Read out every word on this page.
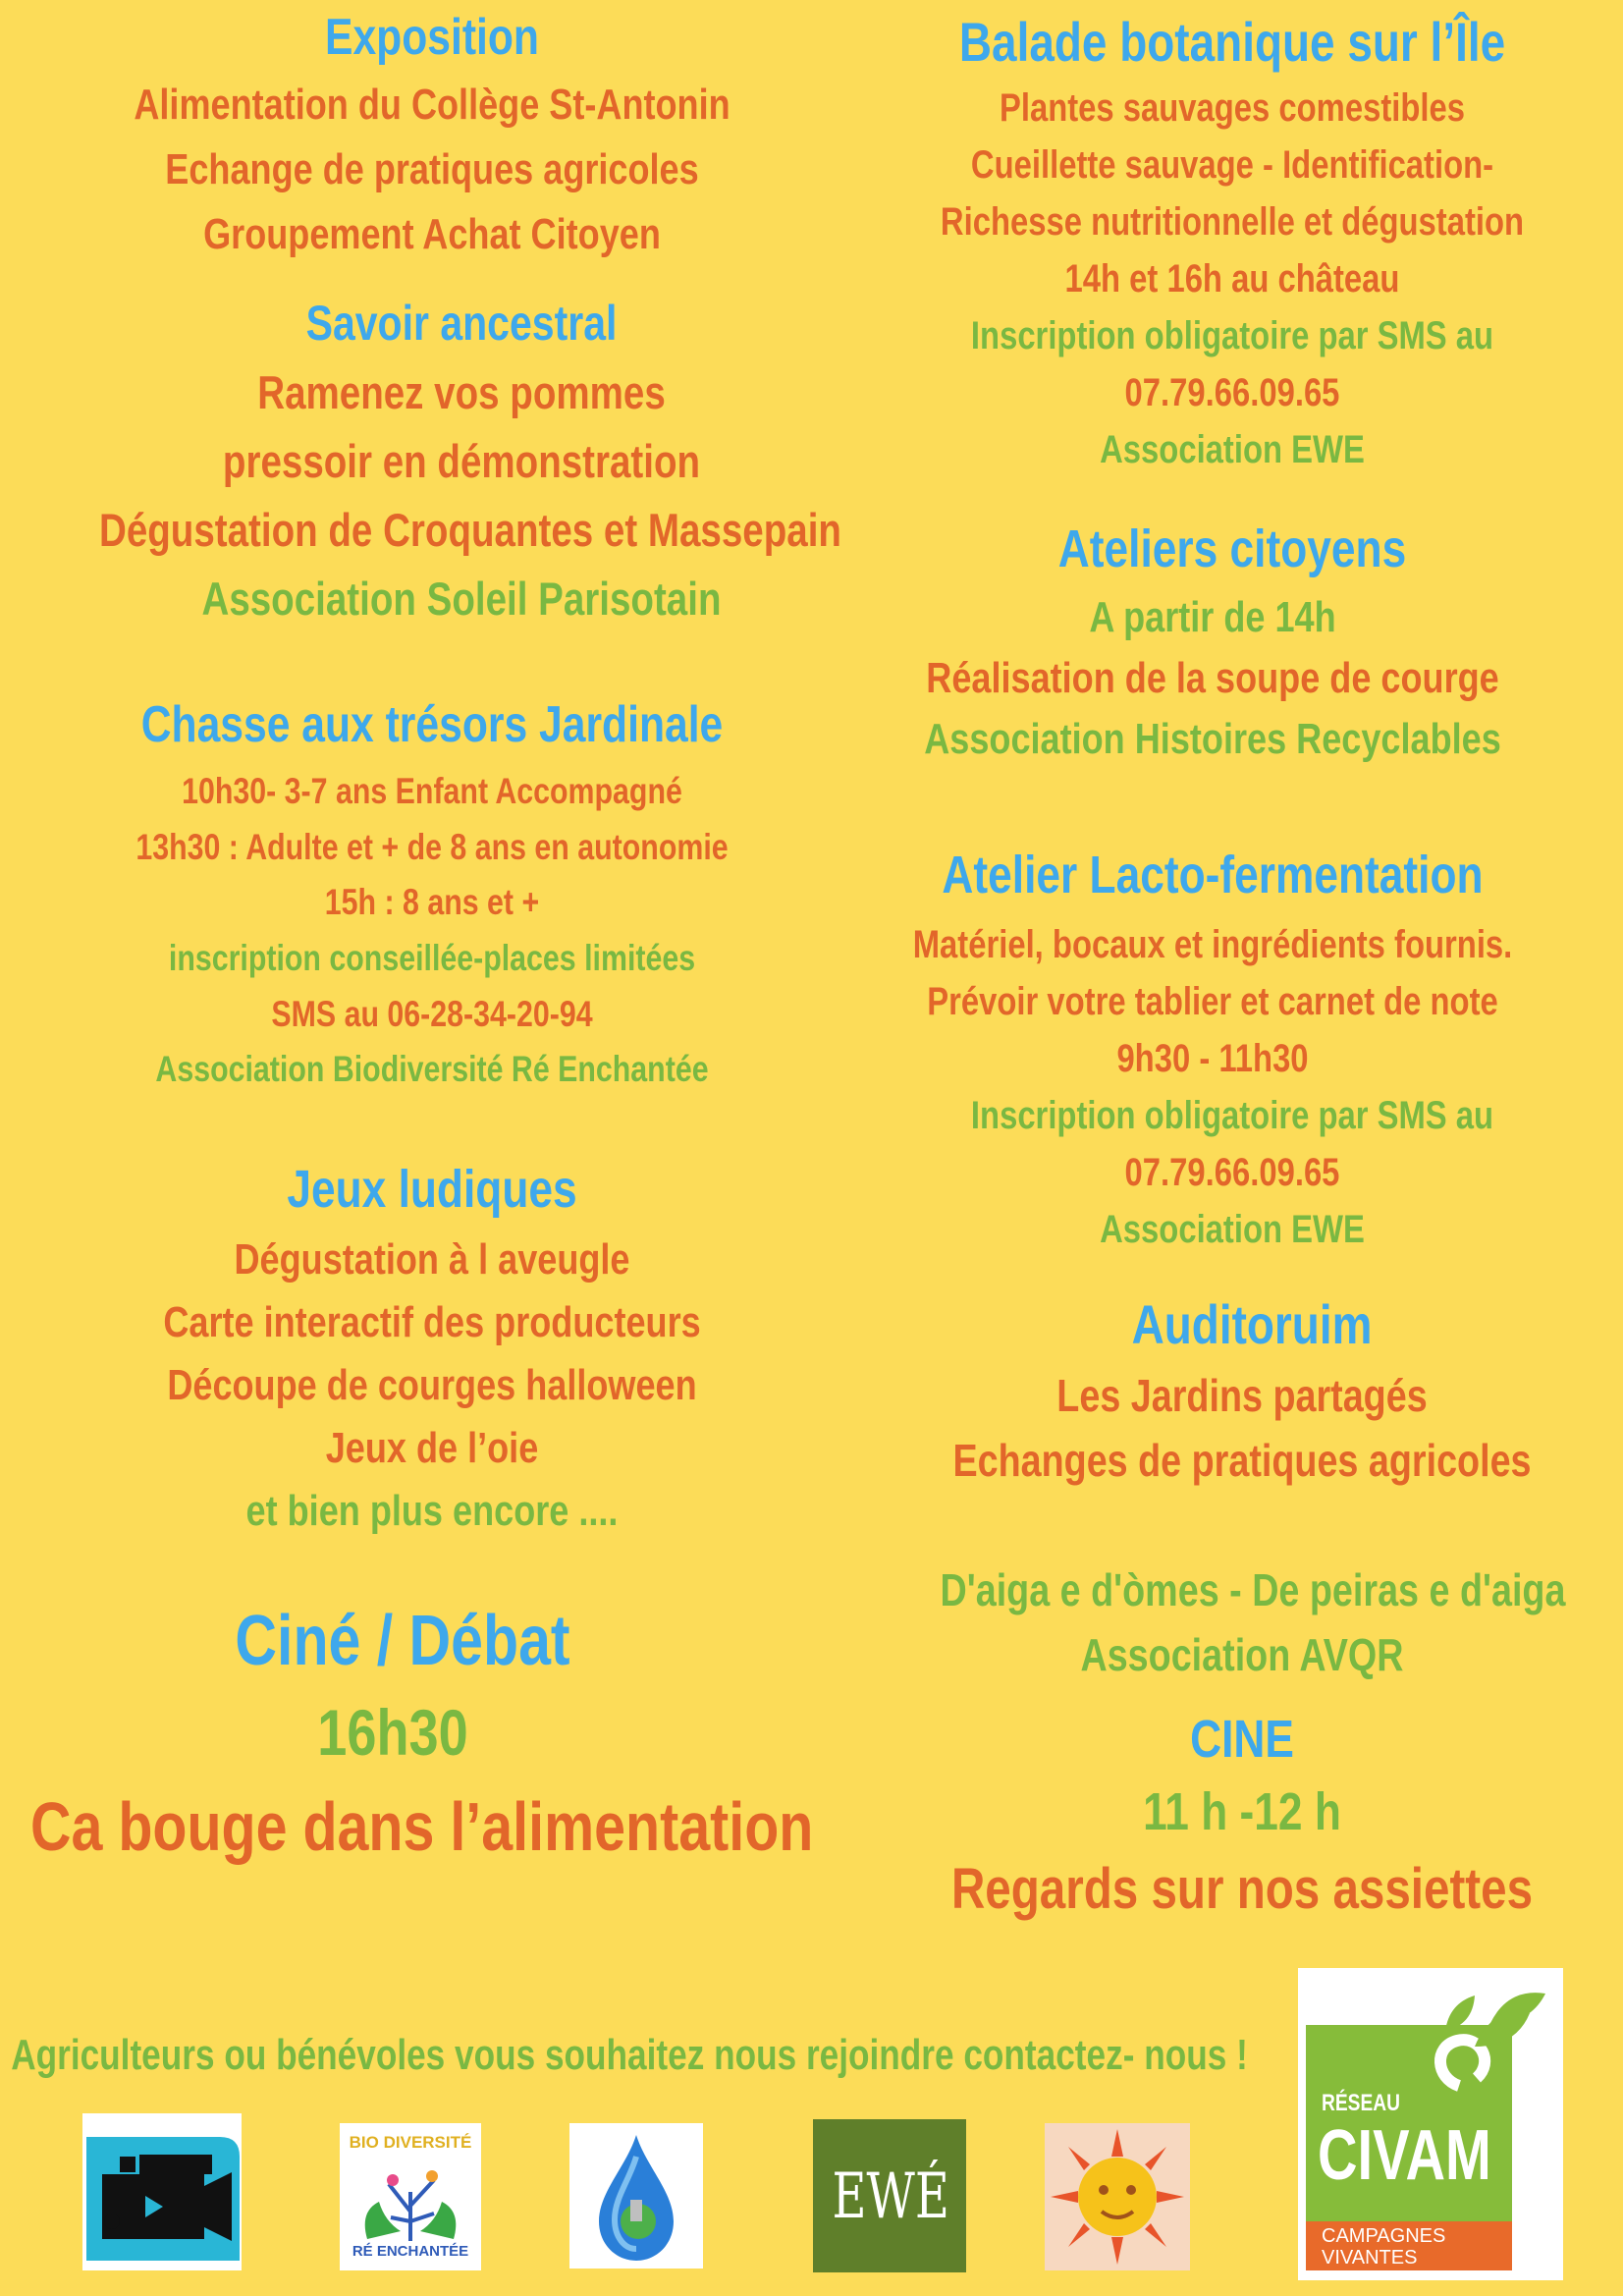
Exposition
Alimentation du Collège St-Antonin
Echange de pratiques agricoles
Groupement Achat Citoyen
Savoir ancestral
Ramenez vos pommes
pressoir en démonstration
Dégustation de Croquantes et Massepain
Association Soleil Parisotain
Chasse aux trésors Jardinale
10h30- 3-7 ans Enfant Accompagné
13h30 : Adulte et + de 8 ans en autonomie
15h : 8 ans et +
inscription conseillée-places limitées
SMS au 06-28-34-20-94
Association Biodiversité Ré Enchantée
Jeux ludiques
Dégustation à l aveugle
Carte interactif des producteurs
Découpe de courges halloween
Jeux de l’oie
et bien plus encore ....
Ciné / Débat
16h30
Ca bouge dans l’alimentation
Balade botanique sur l’Île
Plantes sauvages comestibles
Cueillette sauvage - Identification-
Richesse nutritionnelle et dégustation
14h et 16h au château
Inscription obligatoire par SMS au
07.79.66.09.65
Association EWE
Ateliers citoyens
A partir de 14h
Réalisation de la soupe de courge
Association Histoires Recyclables
Atelier Lacto-fermentation
Matériel, bocaux et ingrédients fournis.
Prévoir votre tablier et carnet de note
9h30 - 11h30
Inscription obligatoire par SMS au
07.79.66.09.65
Association EWE
Auditoruim
Les Jardins partagés
Echanges de pratiques agricoles
D'aiga e d'òmes - De peiras e d'aiga
Association AVQR
CINE
11 h -12 h
Regards sur nos assiettes
Agriculteurs ou bénévoles vous souhaitez nous rejoindre contactez- nous !
BIO DIVERSITÉ
RÉ ENCHANTÉE
EWÉ
RÉSEAU
CIVAM
CAMPAGNES
VIVANTES
